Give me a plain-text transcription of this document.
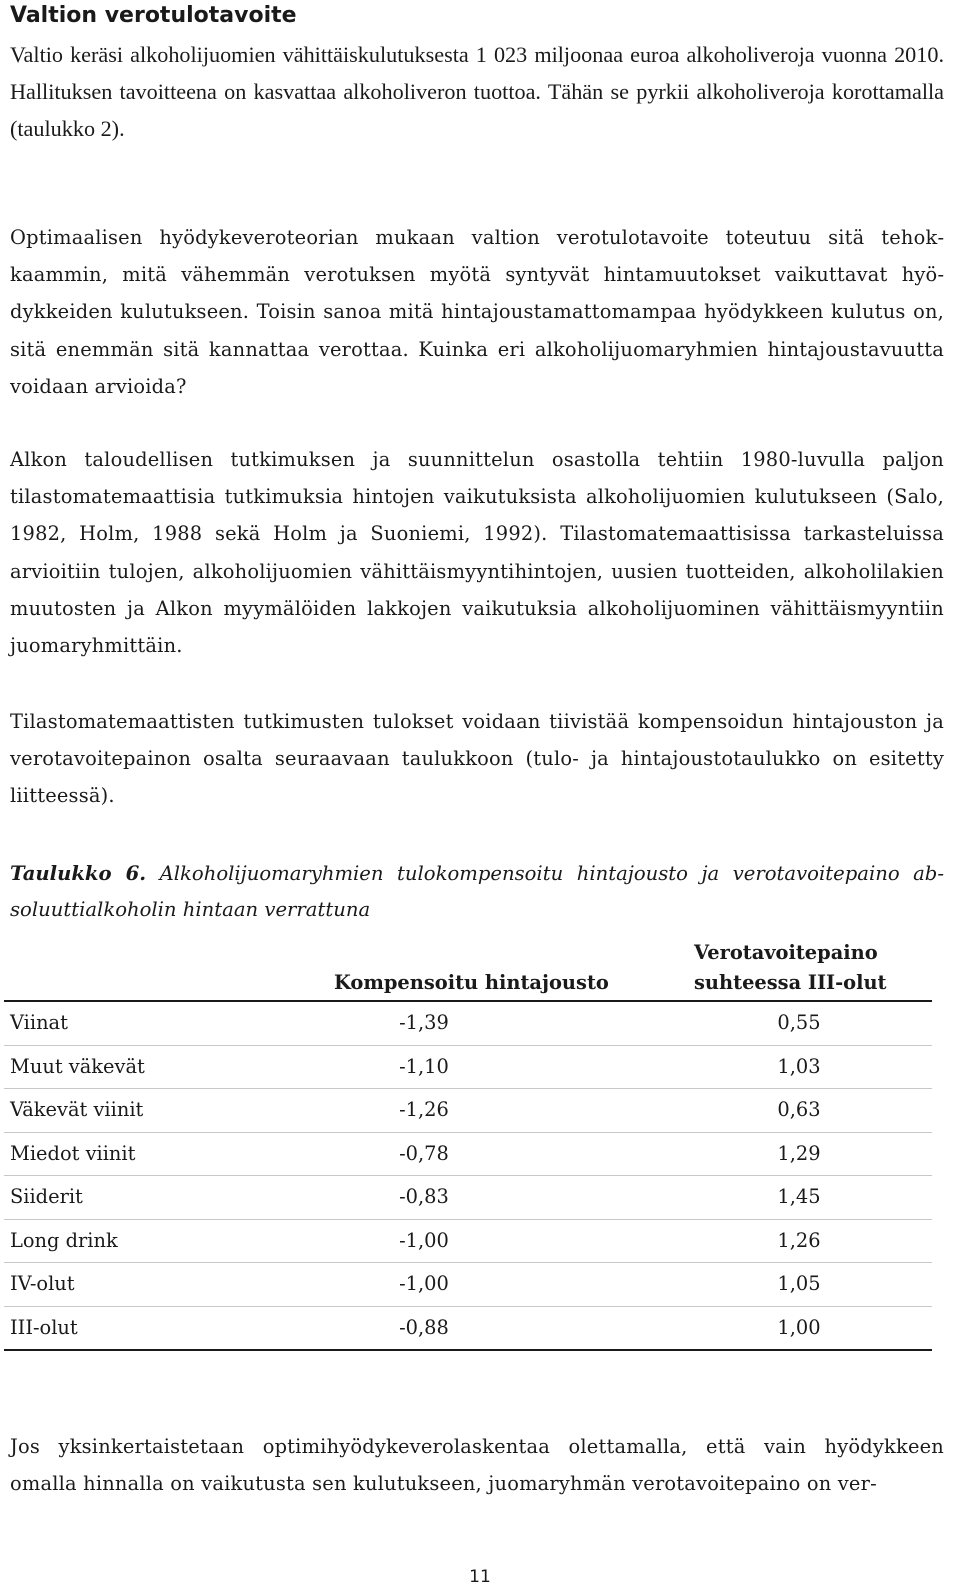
Valtion verotulotavoite

Valtio keräsi alkoholijuomien vähittäiskulutuksesta 1 023 miljoonaa euroa alkoholiveroja vuonna 2010. Hallituksen tavoitteena on kasvattaa alkoholiveron tuottoa. Tähän se pyrkii alkoholiveroja korottamalla (taulukko 2).

Optimaalisen hyödykeveroteorian mukaan valtion verotulotavoite toteutuu sitä tehokkaammin, mitä vähemmän verotuksen myötä syntyvät hintamuutokset vaikuttavat hyödykkeiden kulutukseen. Toisin sanoa mitä hintajoustamattomampaa hyödykkeen kulutus on, sitä enemmän sitä kannattaa verottaa. Kuinka eri alkoholijuomaryhmien hintajoustavuutta voidaan arvioida?

Alkon taloudellisen tutkimuksen ja suunnittelun osastolla tehtiin 1980-luvulla paljon tilastomatemaattisia tutkimuksia hintojen vaikutuksista alkoholijuomien kulutukseen (Salo, 1982, Holm, 1988 sekä Holm ja Suoniemi, 1992). Tilastomatemaattisissa tarkasteluissa arvioitiin tulojen, alkoholijuomien vähittäismyyntihintojen, uusien tuotteiden, alkoholilakien muutosten ja Alkon myymälöiden lakkojen vaikutuksia alkoholijuominen vähittäismyyntiin juomaryhmittäin.

Tilastomatemaattisten tutkimusten tulokset voidaan tiivistää kompensoidun hintajouston ja verotavoitepainon osalta seuraavaan taulukkoon (tulo- ja hintajoustotaulukko on esitetty liitteessä).

Taulukko 6. Alkoholijuomaryhmien tulokompensoitu hintajousto ja verotavoitepaino absoluuttialkoholin hintaan verrattuna

Kompensoitu hintajousto
Verotavoitepaino
suhteessa III-olut
Viinat	-1,39	0,55
Muut väkevät	-1,10	1,03
Väkevät viinit	-1,26	0,63
Miedot viinit	-0,78	1,29
Siiderit	-0,83	1,45
Long drink	-1,00	1,26
IV-olut	-1,00	1,05
III-olut	-0,88	1,00

Jos yksinkertaistetaan optimihyödykeverolaskentaa olettamalla, että vain hyödykkeen omalla hinnalla on vaikutusta sen kulutukseen, juomaryhmän verotavoitepaino on ver-

11
